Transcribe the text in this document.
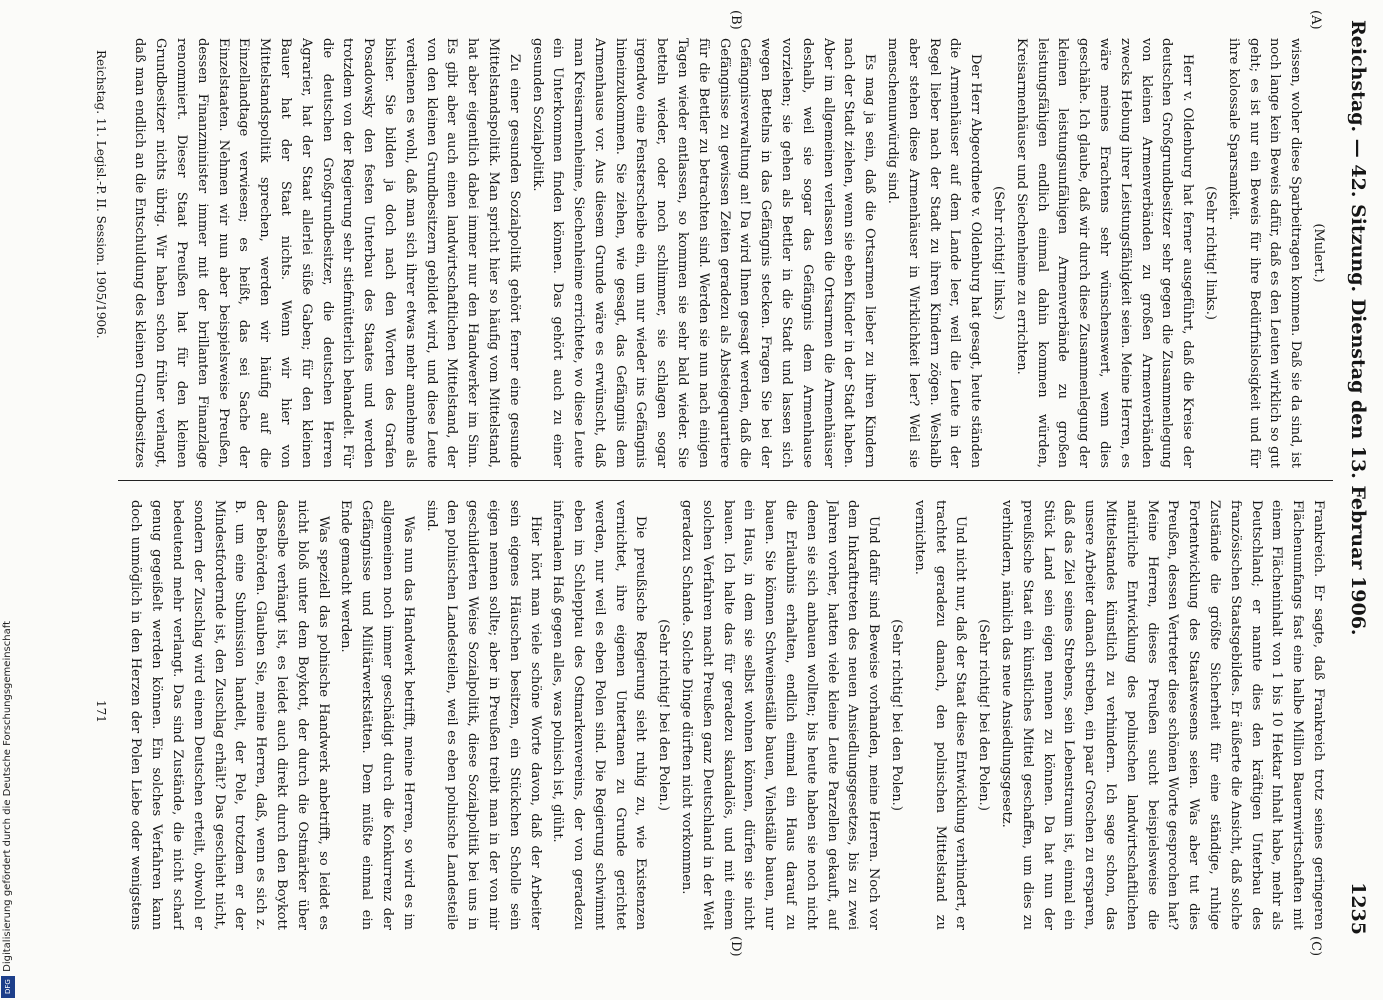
Reichstag. — 42. Sitzung. Dienstag den 13. Februar 1906.
1235

(Mulert.)

wissen, woher diese Sparbeitragen kommen. Daß sie da sind, ist noch lange kein Beweis dafür, daß es den Leuten wirklich so gut geht; es ist nur ein Beweis für ihre Bedürfnislosigkeit und für ihre kolossale Sparsamkeit.

(Sehr richtig! links.)

Herr v. Oldenburg hat ferner ausgeführt, daß die Kreise der deutschen Großgrundbesitzer sehr gegen die Zusammenlegung von kleinen Armenverbänden zu großen Armenverbänden zwecks Hebung ihrer Leistungsfähigkeit seien. Meine Herren, es wäre meines Erachtens sehr wünschenswert, wenn dies geschähe. Ich glaube, daß wir durch diese Zusammenlegung der kleinen leistungsunfähigen Armenverbände zu großen leistungsfähigen endlich einmal dahin kommen würden, Kreisarmenhäuser und Siechenheime zu errichten.

(Sehr richtig! links.)

Der Herr Abgeordnete v. Oldenburg hat gesagt, heute ständen die Armenhäuser auf dem Lande leer, weil die Leute in der Regel lieber nach der Stadt zu ihren Kindern zögen. Weshalb aber stehen diese Armenhäuser in Wirklichkeit leer? Weil sie menschenunwürdig sind.

Es mag ja sein, daß die Ortsarmen lieber zu ihren Kindern nach der Stadt ziehen, wenn sie eben Kinder in der Stadt haben. Aber im allgemeinen verlassen die Ortsarmen die Armenhäuser deshalb, weil sie sogar das Gefängnis dem Armenhause vorziehen; sie gehen als Bettler in die Stadt und lassen sich wegen Bettelns in das Gefängnis stecken. Fragen Sie bei der Gefängnisverwaltung an! Da wird Ihnen gesagt werden, daß die Gefängnisse zu gewissen Zeiten geradezu als Absteigequartiere für die Bettler zu betrachten sind. Werden sie nun nach einigen Tagen wieder entlassen, so kommen sie sehr bald wieder. Sie betteln wieder, oder noch schlimmer, sie schlagen sogar irgendwo eine Fensterscheibe ein, um nur wieder ins Gefängnis hineinzukommen. Sie ziehen, wie gesagt, das Gefängnis dem Armenhause vor. Aus diesem Grunde wäre es erwünscht, daß man Kreisarmenheime, Siechenheime errichtete, wo diese Leute ein Unterkommen finden können. Das gehört auch zu einer gesunden Sozialpolitik.

Zu einer gesunden Sozialpolitik gehört ferner eine gesunde Mittelstandspolitik. Man spricht hier so häufig vom Mittelstand, hat aber eigentlich dabei immer nur den Handwerker im Sinn. Es gibt aber auch einen landwirtschaftlichen Mittelstand, der von den kleinen Grundbesitzern gebildet wird, und diese Leute verdienen es wohl, daß man sich ihrer etwas mehr annehme als bisher. Sie bilden ja doch nach den Worten des Grafen Posadowsky den festen Unterbau des Staates und werden trotzdem von der Regierung sehr stiefmütterlich behandelt. Für die deutschen Großgrundbesitzer, die deutschen Herren Agrarier, hat der Staat allerlei süße Gaben; für den kleinen Bauer hat der Staat nichts. Wenn wir hier von Mittelstandspolitik sprechen, werden wir häufig auf die Einzellandtage verwiesen; es heißt, das sei Sache der Einzelstaaten. Nehmen wir nun aber beispielsweise Preußen, dessen Finanzminister immer mit der brillanten Finanzlage renommiert. Dieser Staat Preußen hat für den kleinen Grundbesitzer nichts übrig. Wir haben schon früher verlangt, daß man endlich an die Entschuldung des kleinen Grundbesitzes

(A)
(B)
Reichstag. 11. Legisl.-P. II. Session. 1905/1906.

Frankreich. Er sagte, daß Frankreich trotz seines geringeren Flächenumfangs fast eine halbe Million Bauernwirtschaften mit einem Flächeninhalt von 1 bis 10 Hektar Inhalt habe, mehr als Deutschland; er nannte dies den kräftigen Unterbau des französischen Staatsgebildes. Er äußerte die Ansicht, daß solche Zustände die größte Sicherheit für eine ständige, ruhige Fortentwicklung des Staatswesens seien. Was aber tut dies Preußen, dessen Vertreter diese schönen Worte gesprochen hat? Meine Herren, dieses Preußen sucht beispielsweise die natürliche Entwicklung des polnischen landwirtschaftlichen Mittelstandes künstlich zu verhindern. Ich sage schon, das unsere Arbeiter danach streben, ein paar Groschen zu ersparen, daß das Ziel seines Strebens, sein Lebenstraum ist, einmal ein Stück Land sein eigen nennen zu können. Da hat nun der preußische Staat ein künstliches Mittel geschaffen, um dies zu verhindern, nämlich das neue Ansiedlungsgesetz.

(Sehr richtig! bei den Polen.)

Und nicht nur, daß der Staat diese Entwicklung verhindert, er trachtet geradezu danach, den polnischen Mittelstand zu vernichten.

(Sehr richtig! bei den Polen.)

Und dafür sind Beweise vorhanden, meine Herren. Noch vor dem Inkrafttreten des neuen Ansiedlungsgesetzes, bis zu zwei Jahren vorher, hatten viele kleine Leute Parzellen gekauft, auf denen sie sich anbauen wollten; bis heute haben sie noch nicht die Erlaubnis erhalten, endlich einmal ein Haus darauf zu bauen. Sie können Schweineställe bauen, Viehställe bauen, nur ein Haus, in dem sie selbst wohnen können, dürfen sie nicht bauen. Ich halte das für geradezu skandalös, und mit einem solchen Verfahren macht Preußen ganz Deutschland in der Welt geradezu Schande. Solche Dinge dürften nicht vorkommen.

(Sehr richtig! bei den Polen.)

Die preußische Regierung sieht ruhig zu, wie Existenzen vernichtet, ihre eigenen Untertanen zu Grunde gerichtet werden, nur weil es eben Polen sind. Die Regierung schwimmt eben im Schlepptau des Ostmarkenvereins, der von geradezu infernalem Haß gegen alles, was polnisch ist, glüht.

Hier hört man viele schöne Worte davon, daß der Arbeiter sein eigenes Häuschen besitzen, ein Stückchen Scholle sein eigen nennen sollte; aber in Preußen treibt man in der von mir geschilderten Weise Sozialpolitik, diese Sozialpolitik bei uns in den polnischen Landesteilen, weil es eben polnische Landesteile sind.

Was nun das Handwerk betrifft, meine Herren, so wird es im allgemeinen noch immer geschädigt durch die Konkurrenz der Gefängnisse und Militärwerkstätten. Dem müßte einmal ein Ende gemacht werden.

Was speziell das polnische Handwerk anbetrifft, so leidet es nicht bloß unter dem Boykott, der durch die Ostmärker über dasselbe verhängt ist, es leidet auch direkt durch den Boykott der Behörden. Glauben Sie, meine Herren, daß, wenn es sich z. B. um eine Submission handelt, der Pole, trotzdem er der Mindestfordernde ist, den Zuschlag erhält? Das geschieht nicht, sondern der Zuschlag wird einem Deutschen erteilt, obwohl er bedeutend mehr verlangt. Das sind Zustände, die nicht scharf genug gegeißelt werden können. Ein solches Verfahren kann doch unmöglich in den Herzen der Polen Liebe oder wenigstens

(C)
(D)
171
Digitalisierung gefördert durch die Deutsche Forschungsgemeinschaft
DFG
